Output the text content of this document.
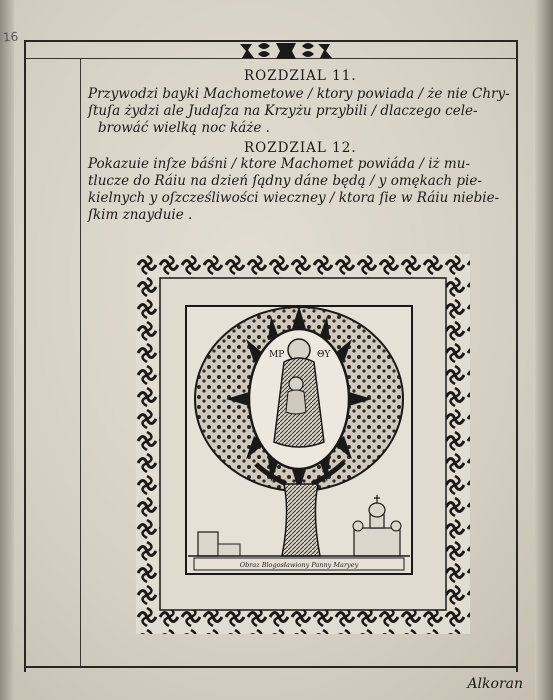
16
ROZDZIAL 11.
Przywodzi bayki Machometowe / ktory powiada / że nie Chry-
ſtuſa żydzi ale Judaſza na Krzyżu przybili / dlaczego cele-
browáć wielką noc káże .
ROZDZIAL 12.
Pokazuie inſze báśni / ktore Machomet powiáda / iż mu-
tlucze do Ráiu na dzień ſądny dáne będą / y omękach pie-
kielnych y oſzcześliwości wieczney / ktora ſie w Ráiu niebie-
ſkim znayduie .
ΜΡ	ΘΥ
Obraz Blogosławiony Panny Maryey
Alkoran
